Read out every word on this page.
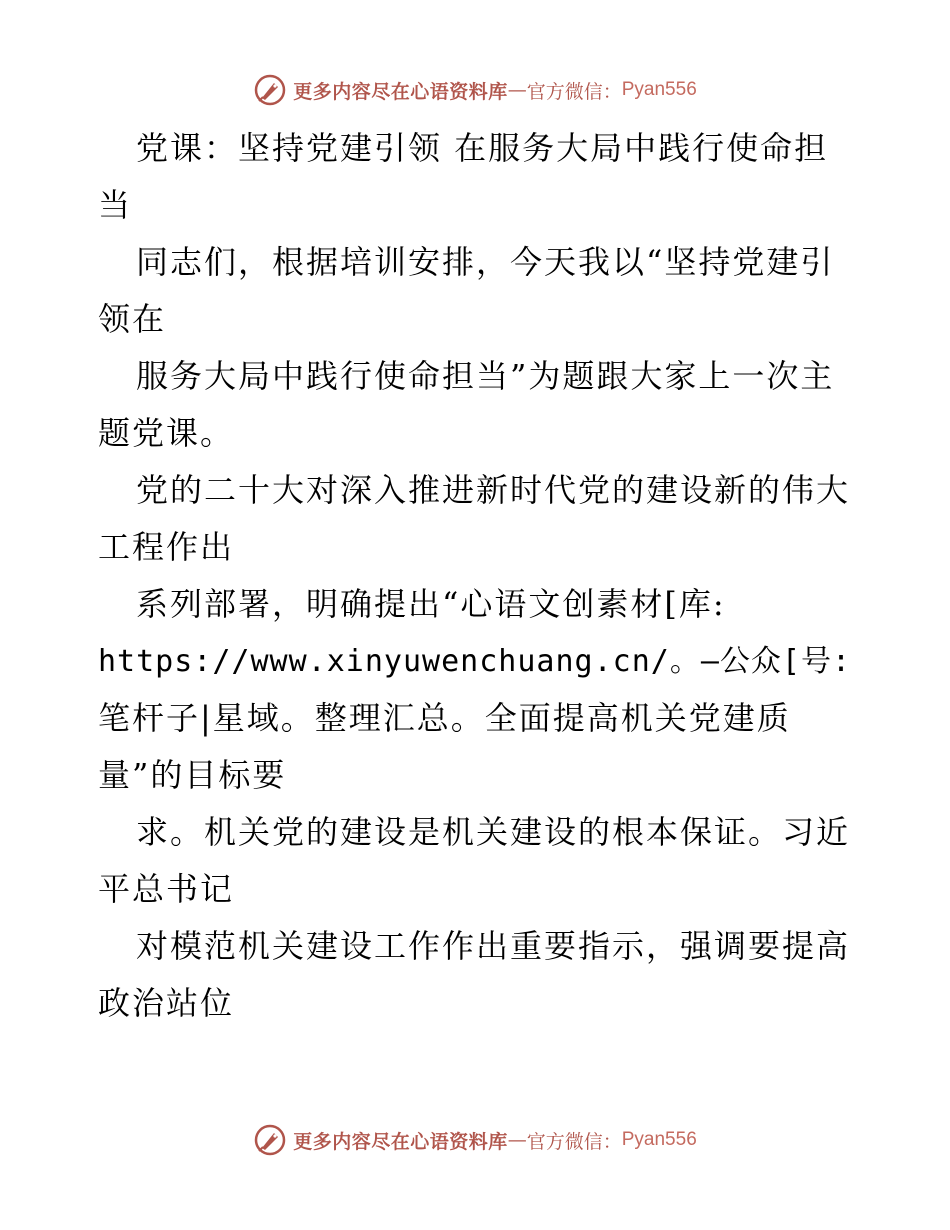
更多内容尽在心语资料库 — 官方微信： Pyan556
党课：坚持党建引领 在服务大局中践行使命担
当
同志们，根据培训安排，今天我以“坚持党建引
领在
服务大局中践行使命担当”为题跟大家上一次主
题党课。
党的二十大对深入推进新时代党的建设新的伟大
工程作出
系列部署，明确提出“心语文创素材[库:
https://www.xinyuwenchuang.cn/。—公众[号:
笔杆子|星域。整理汇总。全面提高机关党建质
量”的目标要
求。机关党的建设是机关建设的根本保证。习近
平总书记
对模范机关建设工作作出重要指示，强调要提高
政治站位
更多内容尽在心语资料库 — 官方微信： Pyan556
